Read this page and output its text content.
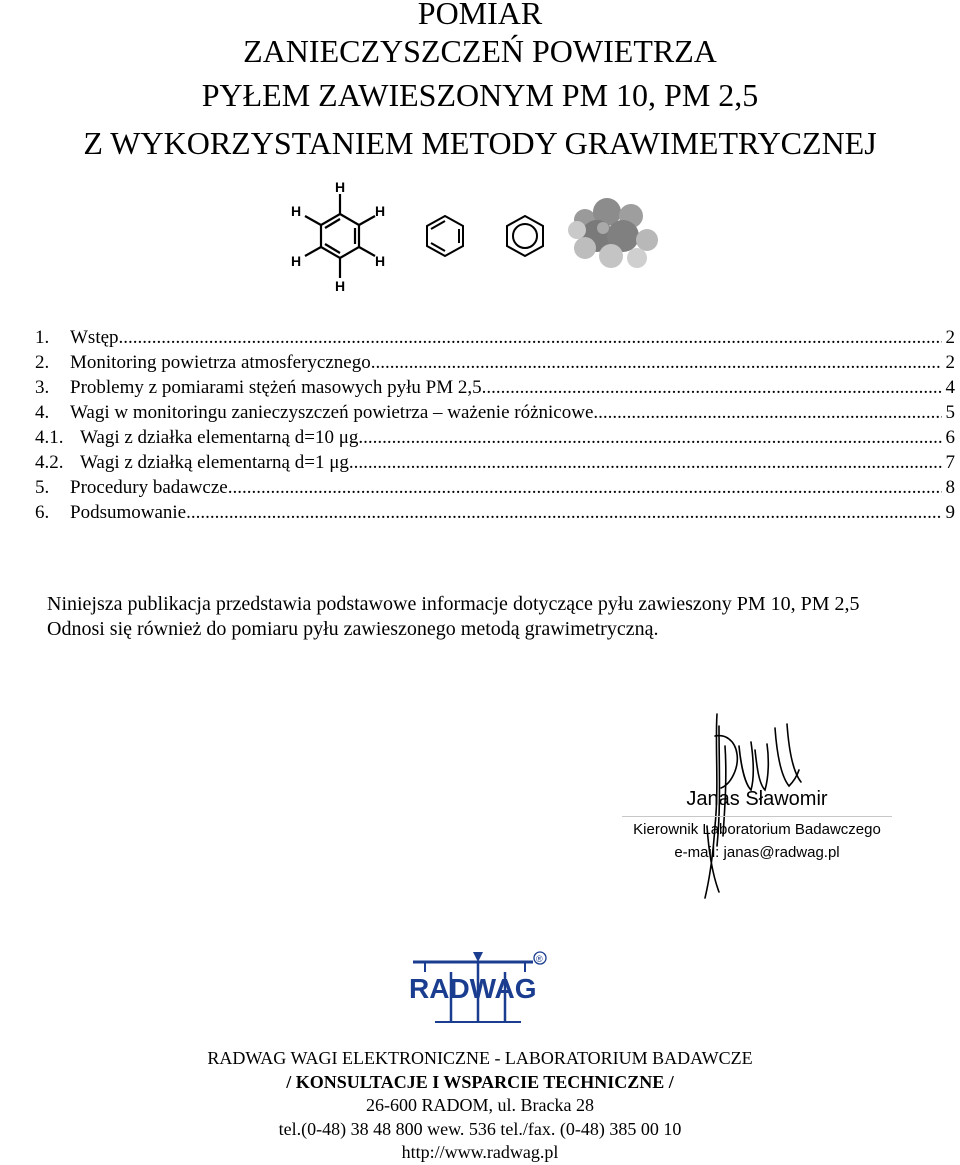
POMIAR
ZANIECZYSZCZEŃ POWIETRZA
PYŁEM ZAWIESZONYM PM 10, PM 2,5
Z WYKORZYSTANIEM METODY GRAWIMETRYCZNEJ
H
H
H
H
H
H
1.	Wstęp .....	2
2.	Monitoring powietrza atmosferycznego. .....	2
3.	Problemy z pomiarami stężeń masowych pyłu PM 2,5 .....	4
4.	Wagi w monitoringu zanieczyszczeń powietrza – ważenie różnicowe .....	5
4.1. Wagi z działka elementarną d=10 μg .....	6
4.2. Wagi z działką elementarną d=1 μg .....	7
5.	Procedury badawcze .....	8
6.	Podsumowanie .....	9
Niniejsza publikacja przedstawia podstawowe informacje dotyczące pyłu zawieszony PM 10, PM 2,5
Odnosi się również do pomiaru pyłu zawieszonego metodą grawimetryczną.
Janas Sławomir
Kierownik Laboratorium Badawczego
e-mail: janas@radwag.pl
RADWAG
®
RADWAG WAGI ELEKTRONICZNE - LABORATORIUM BADAWCZE
/ KONSULTACJE I WSPARCIE TECHNICZNE /
26-600 RADOM, ul. Bracka 28
tel.(0-48) 38 48 800 wew. 536 tel./fax. (0-48) 385 00 10
http://www.radwag.pl
